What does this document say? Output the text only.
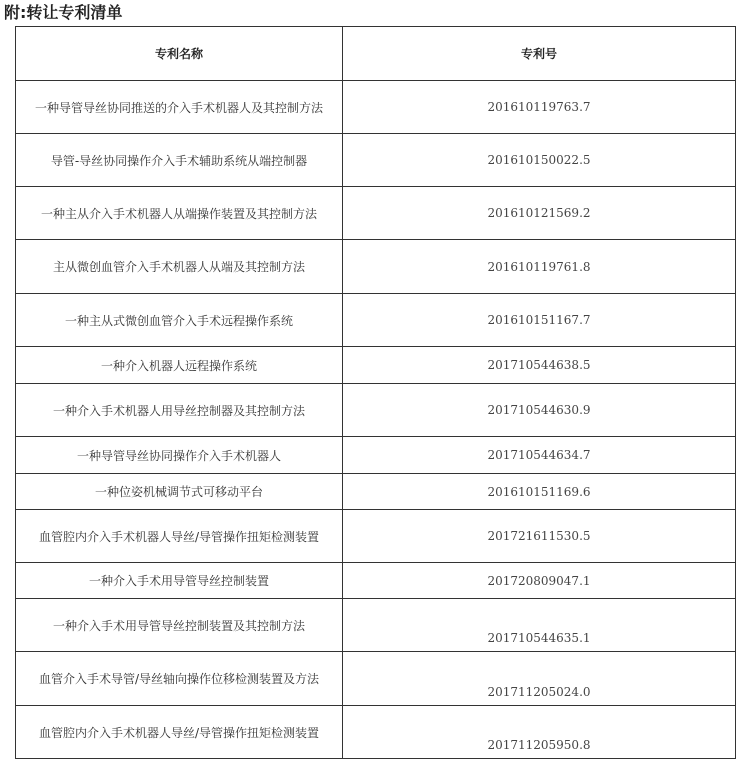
附:转让专利清单
专利名称	专利号
一种导管导丝协同推送的介入手术机器人及其控制方法	201610119763.7
导管-导丝协同操作介入手术辅助系统从端控制器	201610150022.5
一种主从介入手术机器人从端操作装置及其控制方法	201610121569.2
主从微创血管介入手术机器人从端及其控制方法	201610119761.8
一种主从式微创血管介入手术远程操作系统	201610151167.7
一种介入机器人远程操作系统	201710544638.5
一种介入手术机器人用导丝控制器及其控制方法	201710544630.9
一种导管导丝协同操作介入手术机器人	201710544634.7
一种位姿机械调节式可移动平台	201610151169.6
血管腔内介入手术机器人导丝/导管操作扭矩检测装置	201721611530.5
一种介入手术用导管导丝控制装置	201720809047.1
一种介入手术用导管导丝控制装置及其控制方法	201710544635.1
血管介入手术导管/导丝轴向操作位移检测装置及方法	201711205024.0
血管腔内介入手术机器人导丝/导管操作扭矩检测装置	201711205950.8
